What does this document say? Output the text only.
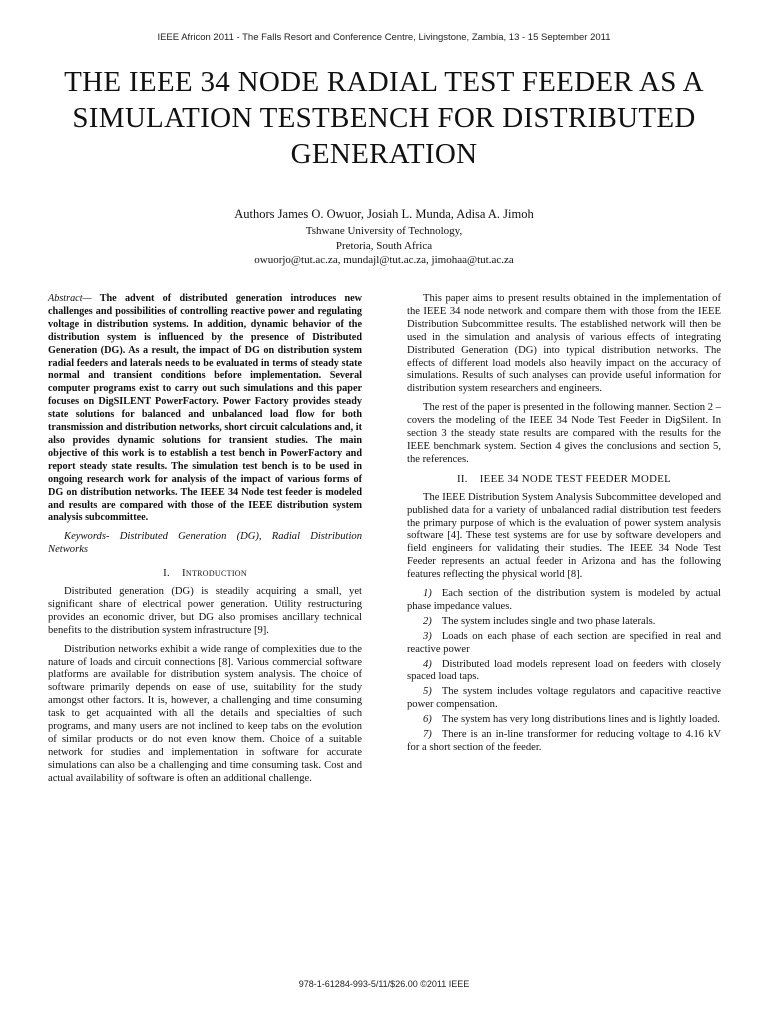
IEEE Africon 2011 - The Falls Resort and Conference Centre, Livingstone, Zambia, 13 - 15 September 2011
THE IEEE 34 NODE RADIAL TEST FEEDER AS A SIMULATION TESTBENCH FOR DISTRIBUTED GENERATION
Authors James O. Owuor, Josiah L. Munda, Adisa A. Jimoh
Tshwane University of Technology,
Pretoria, South Africa
owuorjo@tut.ac.za, mundajl@tut.ac.za, jimohaa@tut.ac.za

Abstract— The advent of distributed generation introduces new challenges and possibilities of controlling reactive power and regulating voltage in distribution systems. In addition, dynamic behavior of the distribution system is influenced by the presence of Distributed Generation (DG). As a result, the impact of DG on distribution system radial feeders and laterals needs to be evaluated in terms of steady state normal and transient conditions before implementation. Several computer programs exist to carry out such simulations and this paper focuses on DigSILENT PowerFactory. Power Factory provides steady state solutions for balanced and unbalanced load flow for both transmission and distribution networks, short circuit calculations and, it also provides dynamic solutions for transient studies. The main objective of this work is to establish a test bench in PowerFactory and report steady state results. The simulation test bench is to be used in ongoing research work for analysis of the impact of various forms of DG on distribution networks. The IEEE 34 Node test feeder is modeled and results are compared with those of the IEEE distribution system analysis subcommittee.

Keywords- Distributed Generation (DG), Radial Distribution Networks

I. Introduction

Distributed generation (DG) is steadily acquiring a small, yet significant share of electrical power generation. Utility restructuring provides an economic driver, but DG also promises ancillary technical benefits to the distribution system infrastructure [9].

Distribution networks exhibit a wide range of complexities due to the nature of loads and circuit connections [8]. Various commercial software platforms are available for distribution system analysis. The choice of software primarily depends on ease of use, suitability for the study amongst other factors. It is, however, a challenging and time consuming task to get acquainted with all the details and specialties of such programs, and many users are not inclined to keep tabs on the evolution of similar products or do not even know them. Choice of a suitable network for studies and implementation in software for accurate simulations can also be a challenging and time consuming task. Cost and actual availability of software is often an additional challenge.

This paper aims to present results obtained in the implementation of the IEEE 34 node network and compare them with those from the IEEE Distribution Subcommittee results. The established network will then be used in the simulation and analysis of various effects of integrating Distributed Generation (DG) into typical distribution networks. The effects of different load models also heavily impact on the accuracy of simulations. Results of such analyses can provide useful information for distribution system researchers and engineers.

The rest of the paper is presented in the following manner. Section 2 – covers the modeling of the IEEE 34 Node Test Feeder in DigSilent. In section 3 the steady state results are compared with the results for the IEEE benchmark system. Section 4 gives the conclusions and section 5, the references.

II. IEEE 34 NODE TEST FEEDER MODEL

The IEEE Distribution System Analysis Subcommittee developed and published data for a variety of unbalanced radial distribution test feeders the primary purpose of which is the evaluation of power system analysis software [4]. These test systems are for use by software developers and field engineers for validating their studies. The IEEE 34 Node Test Feeder represents an actual feeder in Arizona and has the following features reflecting the physical world [8].

1) Each section of the distribution system is modeled by actual phase impedance values.
2) The system includes single and two phase laterals.
3) Loads on each phase of each section are specified in real and reactive power
4) Distributed load models represent load on feeders with closely spaced load taps.
5) The system includes voltage regulators and capacitive reactive power compensation.
6) The system has very long distributions lines and is lightly loaded.
7) There is an in-line transformer for reducing voltage to 4.16 kV for a short section of the feeder.
978-1-61284-993-5/11/$26.00 ©2011 IEEE
